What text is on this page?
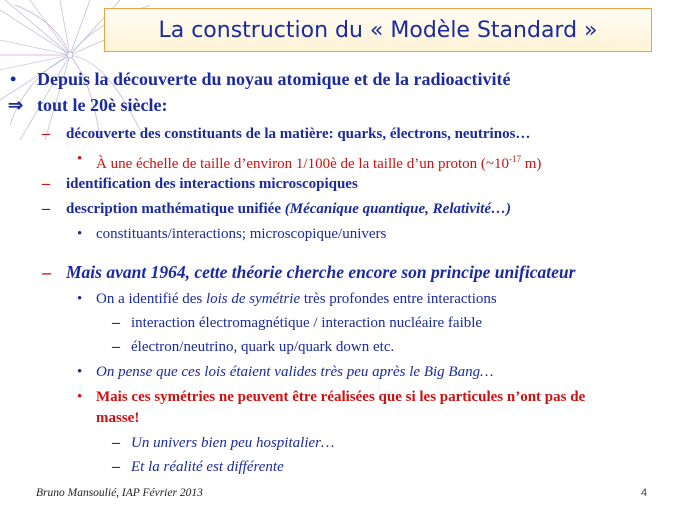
La construction du « Modèle Standard »
• Depuis la découverte du noyau atomique et de la radioactivité
⇒ tout le 20è siècle:
– découverte des constituants de la matière: quarks, électrons, neutrinos…
• À une échelle de taille d’environ 1/100è de la taille d’un proton ($\sim 10^{-17}$ m)
– identification des interactions microscopiques
– description mathématique unifiée (Mécanique quantique, Relativité…)
• constituants/interactions; microscopique/univers
– Mais avant 1964, cette théorie cherche encore son principe unificateur
• On a identifié des lois de symétrie très profondes entre interactions
– interaction électromagnétique / interaction nucléaire faible
– électron/neutrino, quark up/quark down etc.
• On pense que ces lois étaient valides très peu après le Big Bang…
• Mais ces symétries ne peuvent être réalisées que si les particules n’ont pas de
masse!
– Un univers bien peu hospitalier…
– Et la réalité est différente
Bruno Mansoulié, IAP Février 2013	4
